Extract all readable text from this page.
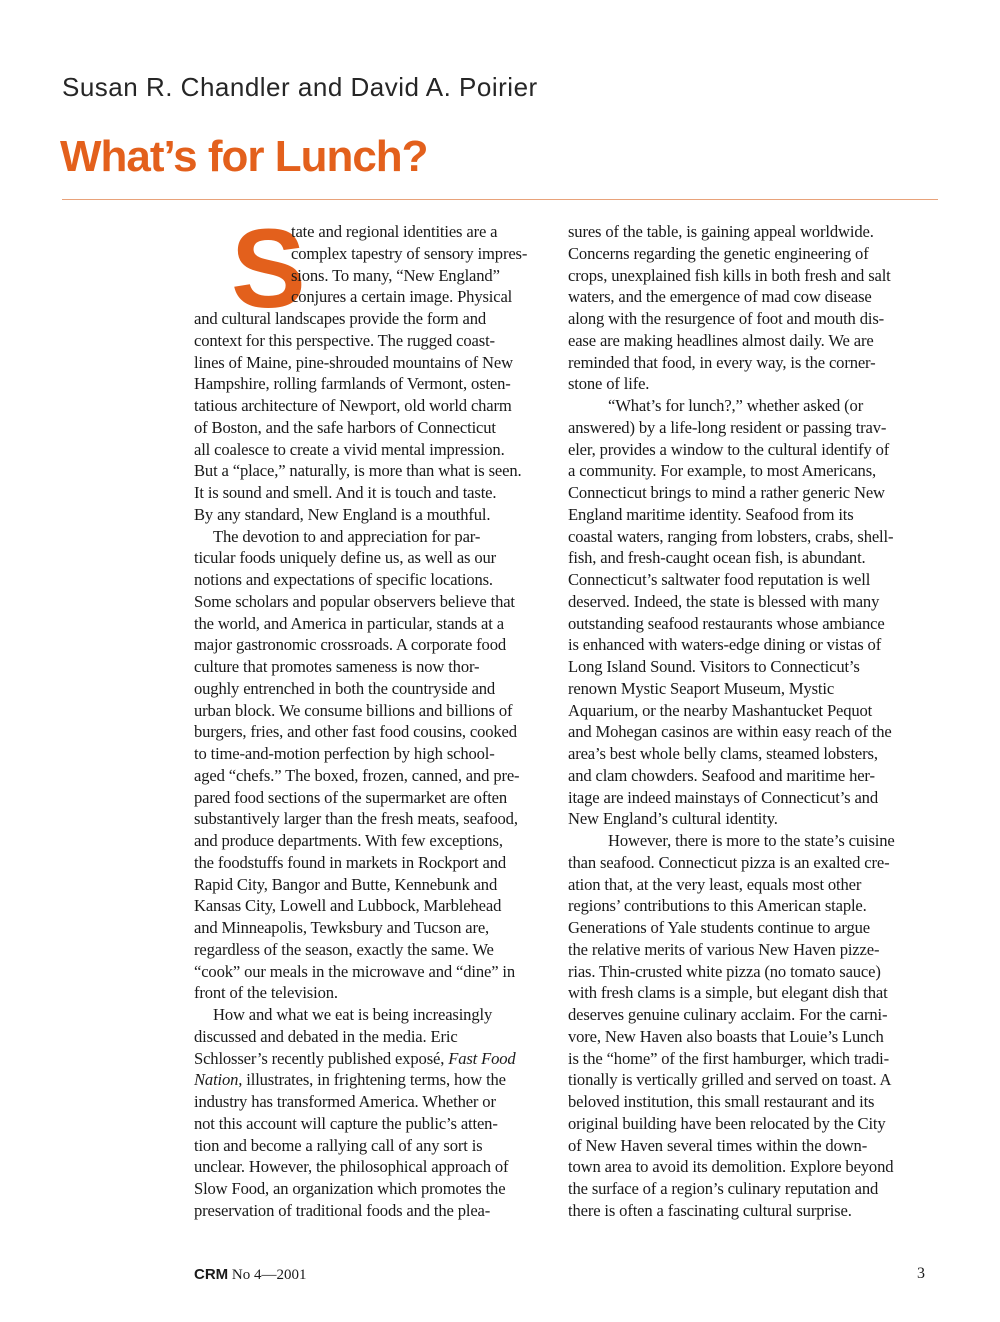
Susan R. Chandler and David A. Poirier
What’s for Lunch?
S
tate and regional identities are a
complex tapestry of sensory impres-
sions. To many, “New England”
conjures a certain image. Physical
and cultural landscapes provide the form and
context for this perspective. The rugged coast-
lines of Maine, pine-shrouded mountains of New
Hampshire, rolling farmlands of Vermont, osten-
tatious architecture of Newport, old world charm
of Boston, and the safe harbors of Connecticut
all coalesce to create a vivid mental impression.
But a “place,” naturally, is more than what is seen.
It is sound and smell. And it is touch and taste.
By any standard, New England is a mouthful.
The devotion to and appreciation for par-
ticular foods uniquely define us, as well as our
notions and expectations of specific locations.
Some scholars and popular observers believe that
the world, and America in particular, stands at a
major gastronomic crossroads. A corporate food
culture that promotes sameness is now thor-
oughly entrenched in both the countryside and
urban block. We consume billions and billions of
burgers, fries, and other fast food cousins, cooked
to time-and-motion perfection by high school-
aged “chefs.” The boxed, frozen, canned, and pre-
pared food sections of the supermarket are often
substantively larger than the fresh meats, seafood,
and produce departments. With few exceptions,
the foodstuffs found in markets in Rockport and
Rapid City, Bangor and Butte, Kennebunk and
Kansas City, Lowell and Lubbock, Marblehead
and Minneapolis, Tewksbury and Tucson are,
regardless of the season, exactly the same. We
“cook” our meals in the microwave and “dine” in
front of the television.
How and what we eat is being increasingly
discussed and debated in the media. Eric
Schlosser’s recently published exposé, Fast Food
Nation, illustrates, in frightening terms, how the
industry has transformed America. Whether or
not this account will capture the public’s atten-
tion and become a rallying call of any sort is
unclear. However, the philosophical approach of
Slow Food, an organization which promotes the
preservation of traditional foods and the plea-
sures of the table, is gaining appeal worldwide.
Concerns regarding the genetic engineering of
crops, unexplained fish kills in both fresh and salt
waters, and the emergence of mad cow disease
along with the resurgence of foot and mouth dis-
ease are making headlines almost daily. We are
reminded that food, in every way, is the corner-
stone of life.
“What’s for lunch?,” whether asked (or
answered) by a life-long resident or passing trav-
eler, provides a window to the cultural identify of
a community. For example, to most Americans,
Connecticut brings to mind a rather generic New
England maritime identity. Seafood from its
coastal waters, ranging from lobsters, crabs, shell-
fish, and fresh-caught ocean fish, is abundant.
Connecticut’s saltwater food reputation is well
deserved. Indeed, the state is blessed with many
outstanding seafood restaurants whose ambiance
is enhanced with waters-edge dining or vistas of
Long Island Sound. Visitors to Connecticut’s
renown Mystic Seaport Museum, Mystic
Aquarium, or the nearby Mashantucket Pequot
and Mohegan casinos are within easy reach of the
area’s best whole belly clams, steamed lobsters,
and clam chowders. Seafood and maritime her-
itage are indeed mainstays of Connecticut’s and
New England’s cultural identity.
However, there is more to the state’s cuisine
than seafood. Connecticut pizza is an exalted cre-
ation that, at the very least, equals most other
regions’ contributions to this American staple.
Generations of Yale students continue to argue
the relative merits of various New Haven pizze-
rias. Thin-crusted white pizza (no tomato sauce)
with fresh clams is a simple, but elegant dish that
deserves genuine culinary acclaim. For the carni-
vore, New Haven also boasts that Louie’s Lunch
is the “home” of the first hamburger, which tradi-
tionally is vertically grilled and served on toast. A
beloved institution, this small restaurant and its
original building have been relocated by the City
of New Haven several times within the down-
town area to avoid its demolition. Explore beyond
the surface of a region’s culinary reputation and
there is often a fascinating cultural surprise.
CRM No 4—2001	3
